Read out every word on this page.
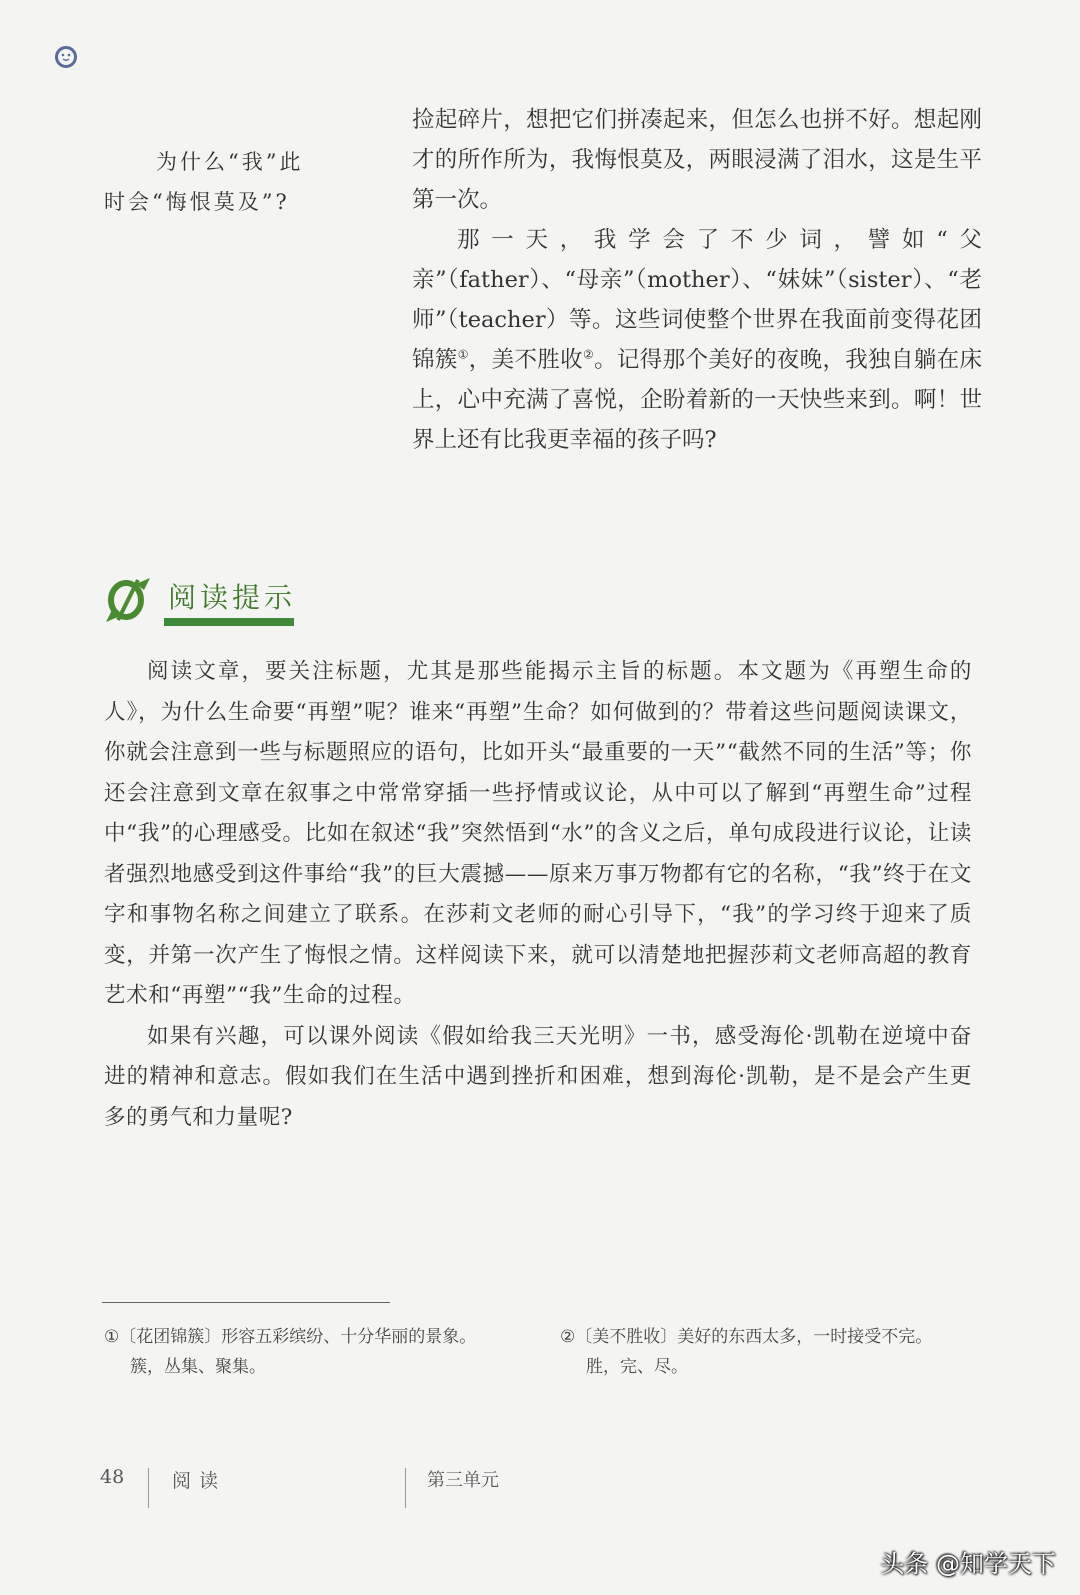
为什么“我”此

时会“悔恨莫及”?

捡起碎片，想把它们拼凑起来，但怎么也拼不好。想起刚才的所作所为，我悔恨莫及，两眼浸满了泪水，这是生平第一次。

那一天，我学会了不少词，譬如“父亲”（father）、“母亲”（mother）、“妹妹”（sister）、“老师”（teacher）等。这些词使整个世界在我面前变得花团锦簇①，美不胜收②。记得那个美好的夜晚，我独自躺在床上，心中充满了喜悦，企盼着新的一天快些来到。啊！世界上还有比我更幸福的孩子吗?

阅读提示

阅读文章，要关注标题，尤其是那些能揭示主旨的标题。本文题为《再塑生命的人》，为什么生命要“再塑”呢？谁来“再塑”生命？如何做到的？带着这些问题阅读课文，你就会注意到一些与标题照应的语句，比如开头“最重要的一天”“截然不同的生活”等；你还会注意到文章在叙事之中常常穿插一些抒情或议论，从中可以了解到“再塑生命”过程中“我”的心理感受。比如在叙述“我”突然悟到“水”的含义之后，单句成段进行议论，让读者强烈地感受到这件事给“我”的巨大震撼——原来万事万物都有它的名称，“我”终于在文字和事物名称之间建立了联系。在莎莉文老师的耐心引导下，“我”的学习终于迎来了质变，并第一次产生了悔恨之情。这样阅读下来，就可以清楚地把握莎莉文老师高超的教育艺术和“再塑”“我”生命的过程。

如果有兴趣，可以课外阅读《假如给我三天光明》一书，感受海伦·凯勒在逆境中奋进的精神和意志。假如我们在生活中遇到挫折和困难，想到海伦·凯勒，是不是会产生更多的勇气和力量呢?

①〔花团锦簇〕形容五彩缤纷、十分华丽的景象。

簇，丛集、聚集。

②〔美不胜收〕美好的东西太多，一时接受不完。

胜，完、尽。

48	阅读	第三单元
头条 @知学天下
